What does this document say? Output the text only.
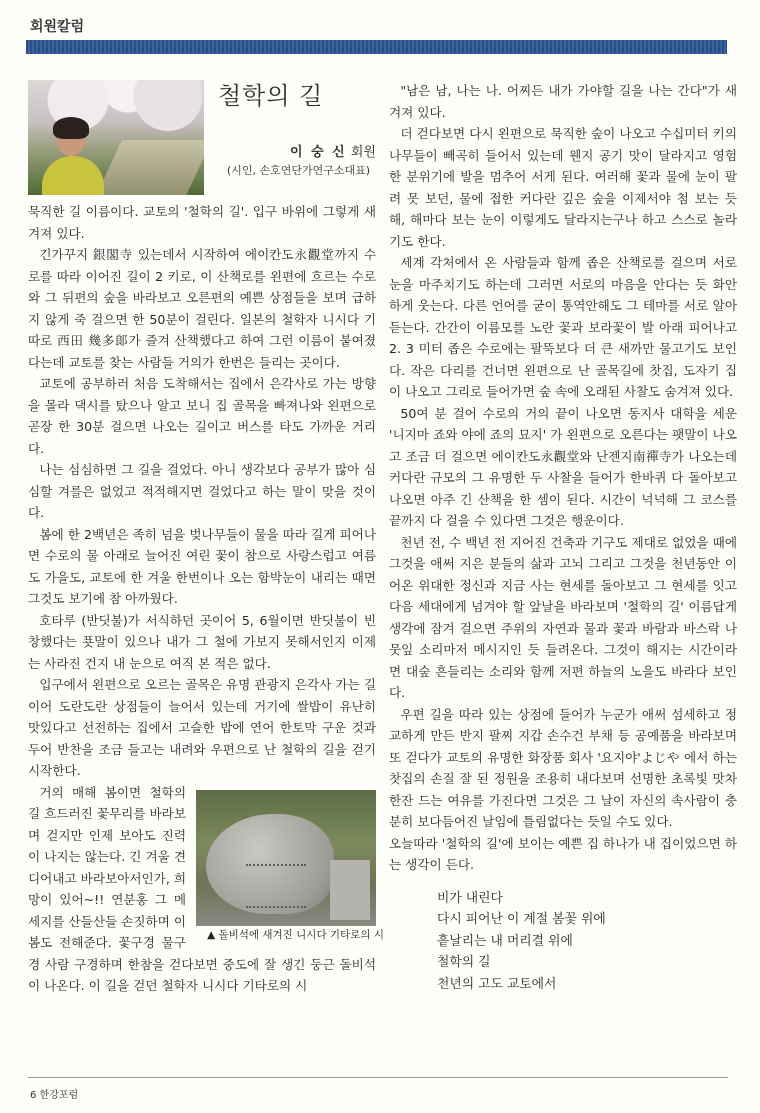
회원칼럼
철학의 길
이 숭 신 회원
(시인, 손호연단가연구소대표)

묵직한 길 이름이다. 교토의 '철학의 길'. 입구 바위에 그렇게 새겨져 있다.

긴가꾸지 銀閣寺 있는데서 시작하여 에이칸도永觀堂까지 수로를 따라 이어진 길이 2 키로, 이 산책로를 왼편에 흐르는 수로와 그 뒤편의 숲을 바라보고 오른편의 예쁜 상점들을 보며 급하지 않게 죽 걸으면 한 50분이 걸린다. 일본의 철학자 니시다 기따로 西田 幾多郞가 즐겨 산책했다고 하여 그런 이름이 붙여졌다는데 교토를 찾는 사람들 거의가 한번은 들리는 곳이다.

교토에 공부하러 처음 도착해서는 집에서 은각사로 가는 방향을 몰라 댁시를 탔으나 알고 보니 집 골목을 빠져나와 왼편으로 곧장 한 30분 걸으면 나오는 길이고 버스를 타도 가까운 거리다.

나는 심심하면 그 길을 걸었다. 아니 생각보다 공부가 많아 심심할 겨를은 없었고 적적해지면 걸었다고 하는 말이 맞을 것이다.

봄에 한 2백년은 족히 넘을 벚나무들이 물을 따라 길게 피어나면 수로의 물 아래로 늘어진 여린 꽃이 참으로 사랑스럽고 여름도 가을도, 교토에 한 겨울 한번이나 오는 함박눈이 내리는 때면 그것도 보기에 참 아까웠다.

호타루 (반딧불)가 서식하던 곳이어 5, 6월이면 반딧불이 빈창했다는 푯말이 있으나 내가 그 철에 가보지 못해서인지 이제는 사라진 건지 내 눈으로 여직 본 적은 없다.

입구에서 왼편으로 오르는 골목은 유명 관광지 은각사 가는 길이어 도란도란 상점들이 늘어서 있는데 거기에 쌀밥이 유난히 맛있다고 선전하는 집에서 고슬한 밥에 연어 한토막 구운 것과 두어 반찬을 조금 들고는 내려와 우편으로 난 철학의 길을 걷기 시작한다.

▲ 돌비석에 새겨진 니시다 기타로의 시

거의 매해 봄이면 철학의 길 흐드러진 꽃무리를 바라보며 걷지만 인제 보아도 진력이 나지는 않는다. 긴 겨울 견디어내고 바라보아서인가, 희망이 있어~!! 연분홍 그 메세지를 산들산들 손짓하며 이 봄도 전해준다. 꽃구경 물구경 사람 구경하며 한참을 걷다보면 중도에 잘 생긴 둥근 돌비석이 나온다. 이 길을 걷던 철학자 니시다 기타로의 시

"남은 남, 나는 나. 어찌든 내가 가야할 길을 나는 간다"가 새겨져 있다.

더 걷다보면 다시 왼편으로 묵직한 숲이 나오고 수십미터 키의 나무들이 빼곡히 들어서 있는데 웬지 공기 맛이 달라지고 영험한 분위기에 발을 멈추어 서게 된다. 여러해 꽃과 물에 눈이 팔려 못 보던, 물에 접한 커다란 깊은 숲을 이제서야 첨 보는 듯 해, 해마다 보는 눈이 이렇게도 달라지는구나 하고 스스로 놀라기도 한다.

세계 각처에서 온 사람들과 함께 좁은 산책로를 걸으며 서로 눈을 마주치기도 하는데 그러면 서로의 마음을 안다는 듯 화안하게 웃는다. 다른 언어를 굳이 통역안해도 그 테마를 서로 알아듣는다. 간간이 이름모를 노란 꽃과 보라꽃이 발 아래 피어나고 2. 3 미터 좁은 수로에는 팔뚝보다 더 큰 새까만 물고기도 보인다. 작은 다리를 건너면 왼편으로 난 골목길에 찻집, 도자기 집이 나오고 그리로 들어가면 숲 속에 오래된 사찰도 숨겨져 있다.

50여 분 걸어 수로의 거의 끝이 나오면 동지사 대학을 세운 '니지마 죠와 야에 죠의 묘지' 가 왼편으로 오른다는 팻말이 나오고 조금 더 걸으면 에이칸도永觀堂와 난젠지南禪寺가 나오는데 커다란 규모의 그 유명한 두 사찰을 들어가 한바퀴 다 돌아보고 나오면 아주 긴 산책을 한 셈이 된다. 시간이 넉넉해 그 코스를 끝까지 다 걸을 수 있다면 그것은 행운이다.

천년 전, 수 백년 전 지어진 건축과 기구도 제대로 없었을 때에 그것을 애써 지은 분들의 삶과 고뇌 그리고 그것을 천년동안 이어온 위대한 정신과 지금 사는 현세를 돌아보고 그 현세를 잇고 다음 세대에게 넘겨야 할 앞날을 바라보며 '철학의 길' 이름답게 생각에 잠겨 걸으면 주위의 자연과 물과 꽃과 바람과 바스락 나뭇잎 소리마저 메시지인 듯 들려온다. 그것이 해지는 시간이라면 대숲 흔들리는 소리와 함께 저편 하늘의 노을도 바라다 보인다.

우편 길을 따라 있는 상점에 들어가 누군가 애써 섬세하고 정교하게 만든 반지 팔찌 지갑 손수건 부채 등 공예품을 바라보며 또 걷다가 교토의 유명한 화장품 회사 '요지야'よじや 에서 하는 찻집의 손질 잘 된 정원을 조용히 내다보며 선명한 초록빛 맛차 한잔 드는 여유를 가진다면 그것은 그 날이 자신의 속사람이 충분히 보다듬어진 날임에 틀림없다는 듯일 수도 있다.

오늘따라 '철학의 길'에 보이는 예쁜 집 하나가 내 집이었으면 하는 생각이 든다.

비가 내린다
다시 피어난 이 계절 봄꽃 위에
흩날리는 내 머리결 위에
철학의 길
천년의 고도 교토에서
6 한강포럼
